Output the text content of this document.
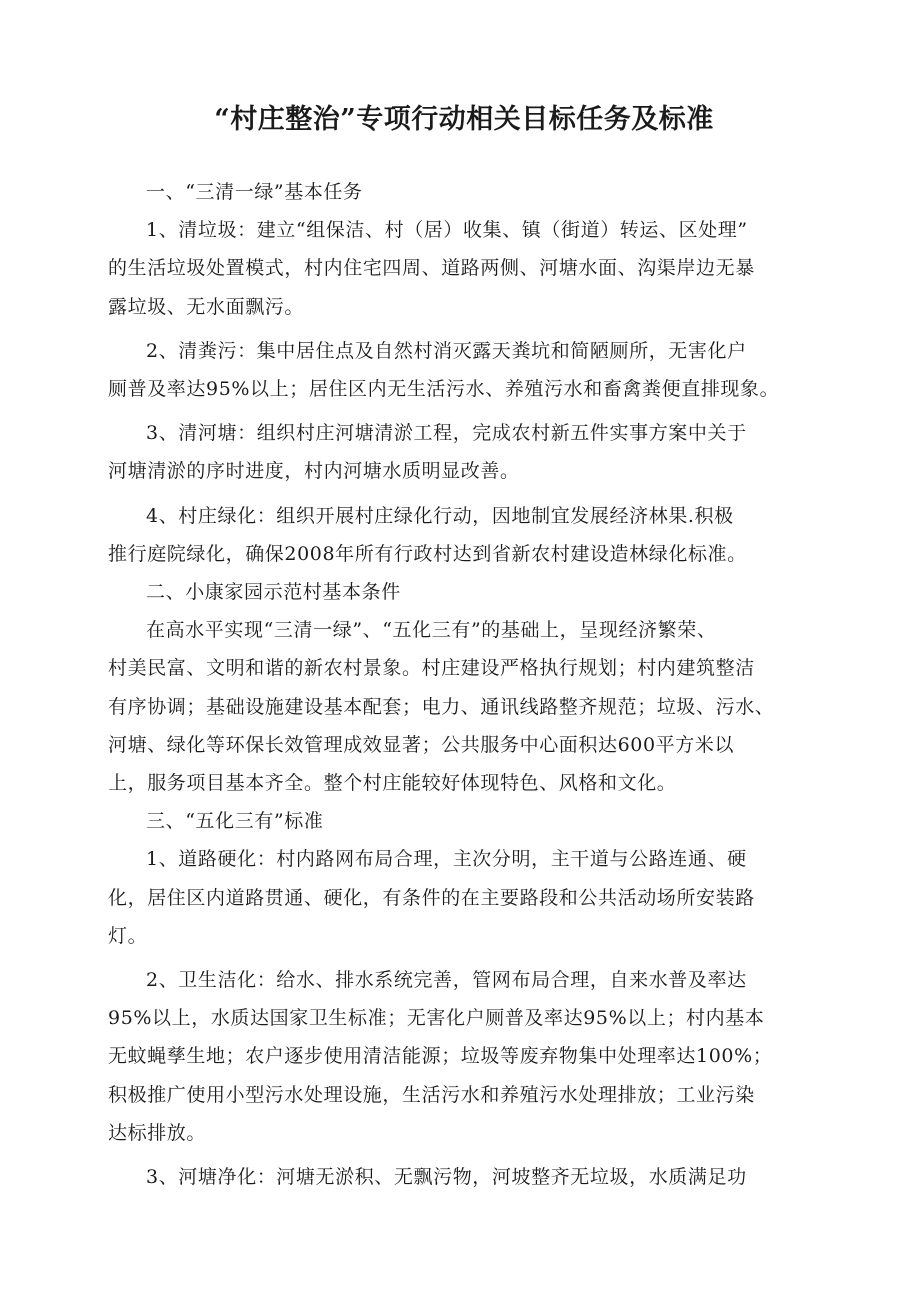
“村庄整治”专项行动相关目标任务及标准

一、“三清一绿”基本任务

1、清垃圾：建立“组保洁、村（居）收集、镇（街道）转运、区处理”
的生活垃圾处置模式，村内住宅四周、道路两侧、河塘水面、沟渠岸边无暴
露垃圾、无水面飘污。

2、清粪污：集中居住点及自然村消灭露天粪坑和简陋厕所，无害化户
厕普及率达95%以上；居住区内无生活污水、养殖污水和畜禽粪便直排现象。

3、清河塘：组织村庄河塘清淤工程，完成农村新五件实事方案中关于
河塘清淤的序时进度，村内河塘水质明显改善。

4、村庄绿化：组织开展村庄绿化行动，因地制宜发展经济林果.积极
推行庭院绿化，确保2008年所有行政村达到省新农村建设造林绿化标准。

二、小康家园示范村基本条件

在高水平实现“三清一绿”、“五化三有”的基础上，呈现经济繁荣、
村美民富、文明和谐的新农村景象。村庄建设严格执行规划；村内建筑整洁
有序协调；基础设施建设基本配套；电力、通讯线路整齐规范；垃圾、污水、
河塘、绿化等环保长效管理成效显著；公共服务中心面积达600平方米以
上，服务项目基本齐全。整个村庄能较好体现特色、风格和文化。

三、“五化三有”标准

1、道路硬化：村内路网布局合理，主次分明，主干道与公路连通、硬
化，居住区内道路贯通、硬化，有条件的在主要路段和公共活动场所安装路
灯。

2、卫生洁化：给水、排水系统完善，管网布局合理，自来水普及率达
95%以上，水质达国家卫生标准；无害化户厕普及率达95%以上；村内基本
无蚊蝇孳生地；农户逐步使用清洁能源；垃圾等废弃物集中处理率达100%；
积极推广使用小型污水处理设施，生活污水和养殖污水处理排放；工业污染
达标排放。

3、河塘净化：河塘无淤积、无飘污物，河坡整齐无垃圾，水质满足功
